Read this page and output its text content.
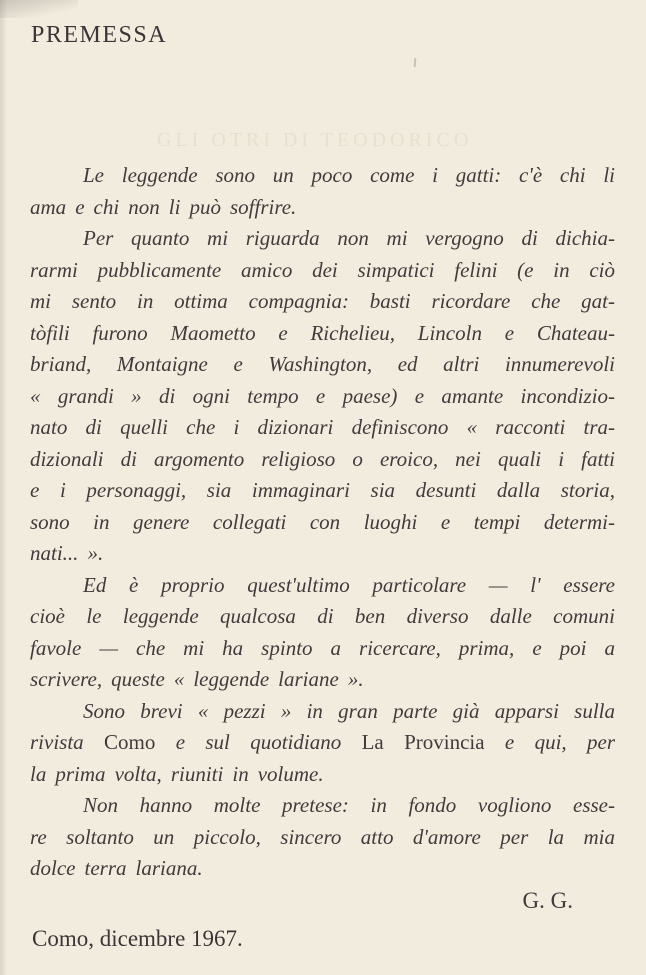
PREMESSA
GLI OTRI DI TEODORICO
Le leggende sono un poco come i gatti: c'è chi li
ama e chi non li può soffrire.
Per quanto mi riguarda non mi vergogno di dichia-
rarmi pubblicamente amico dei simpatici felini (e in ciò
mi sento in ottima compagnia: basti ricordare che gat-
tòfili furono Maometto e Richelieu, Lincoln e Chateau-
briand, Montaigne e Washington, ed altri innumerevoli
« grandi » di ogni tempo e paese) e amante incondizio-
nato di quelli che i dizionari definiscono « racconti tra-
dizionali di argomento religioso o eroico, nei quali i fatti
e i personaggi, sia immaginari sia desunti dalla storia,
sono in genere collegati con luoghi e tempi determi-
nati... ».
Ed è proprio quest'ultimo particolare — l' essere
cioè le leggende qualcosa di ben diverso dalle comuni
favole — che mi ha spinto a ricercare, prima, e poi a
scrivere, queste « leggende lariane ».
Sono brevi « pezzi » in gran parte già apparsi sulla
rivista Como e sul quotidiano La Provincia e qui, per
la prima volta, riuniti in volume.
Non hanno molte pretese: in fondo vogliono esse-
re soltanto un piccolo, sincero atto d'amore per la mia
dolce terra lariana.
G. G.
Como, dicembre 1967.
